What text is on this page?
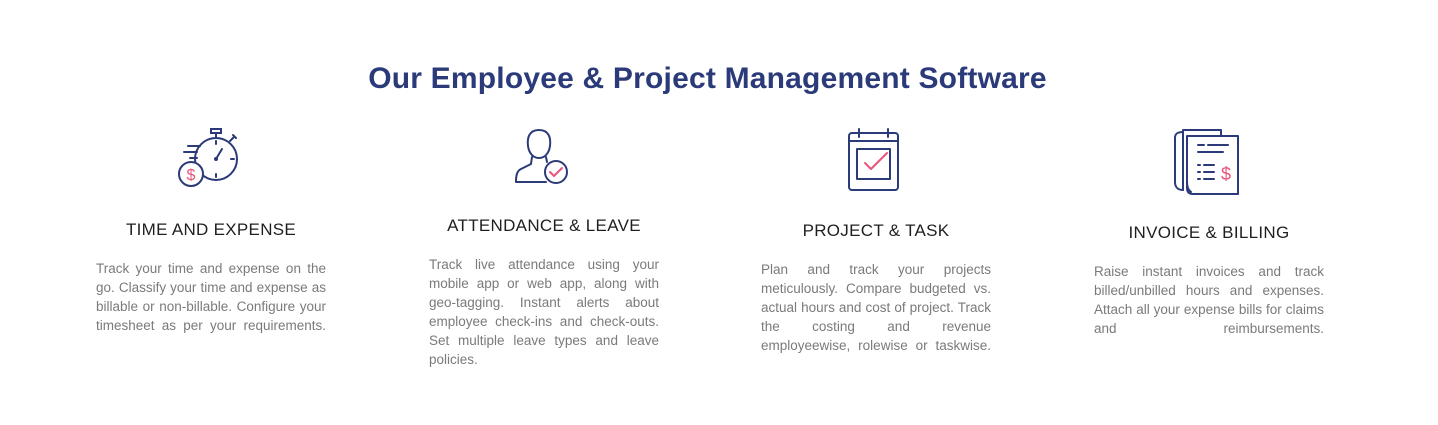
Our Employee & Project Management Software
$
TIME AND EXPENSE

Track your time and expense on the go. Classify your time and expense as billable or non-billable. Configure your timesheet as per your requirements.

ATTENDANCE & LEAVE

Track live attendance using your mobile app or web app, along with geo-tagging. Instant alerts about employee check-ins and check-outs. Set multiple leave types and leave policies.

PROJECT & TASK

Plan and track your projects meticulously. Compare budgeted vs. actual hours and cost of project. Track the costing and revenue employeewise, rolewise or taskwise.

$
INVOICE & BILLING

Raise instant invoices and track billed/unbilled hours and expenses. Attach all your expense bills for claims and reimbursements.
